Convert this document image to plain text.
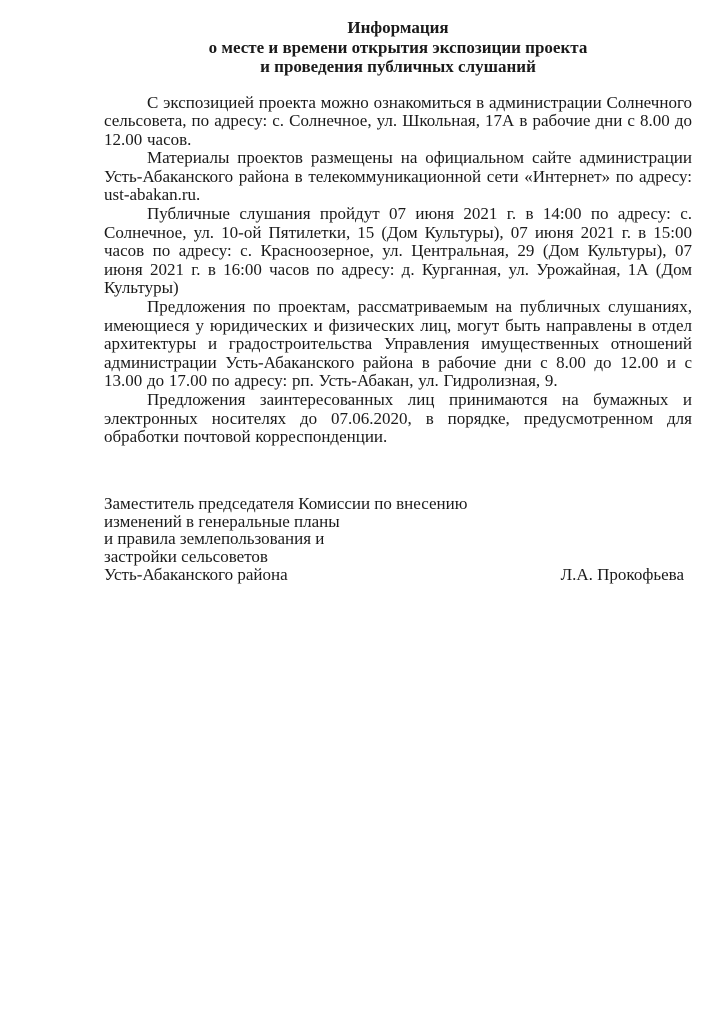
Информация
о месте и времени открытия экспозиции проекта
и проведения публичных слушаний

С экспозицией проекта можно ознакомиться в администрации Солнечного сельсовета, по адресу: с. Солнечное, ул. Школьная, 17А в рабочие дни с 8.00 до 12.00 часов.

Материалы проектов размещены на официальном сайте администрации Усть-Абаканского района в телекоммуникационной сети «Интернет» по адресу: ust-abakan.ru.

Публичные слушания пройдут 07 июня 2021 г. в 14:00 по адресу: с. Солнечное, ул. 10-ой Пятилетки, 15 (Дом Культуры), 07 июня 2021 г. в 15:00 часов по адресу: с. Красноозерное, ул. Центральная, 29 (Дом Культуры), 07 июня 2021 г. в 16:00 часов по адресу: д. Курганная, ул. Урожайная, 1А (Дом Культуры)

Предложения по проектам, рассматриваемым на публичных слушаниях, имеющиеся у юридических и физических лиц, могут быть направлены в отдел архитектуры и градостроительства Управления имущественных отношений администрации Усть-Абаканского района в рабочие дни с 8.00 до 12.00 и с 13.00 до 17.00 по адресу: рп. Усть-Абакан, ул. Гидролизная, 9.

Предложения заинтересованных лиц принимаются на бумажных и электронных носителях до 07.06.2020, в порядке, предусмотренном для обработки почтовой корреспонденции.

Заместитель председателя Комиссии по внесению
изменений в генеральные планы
и правила землепользования и
застройки сельсоветов
Усть-Абаканского района	Л.А. Прокофьева
